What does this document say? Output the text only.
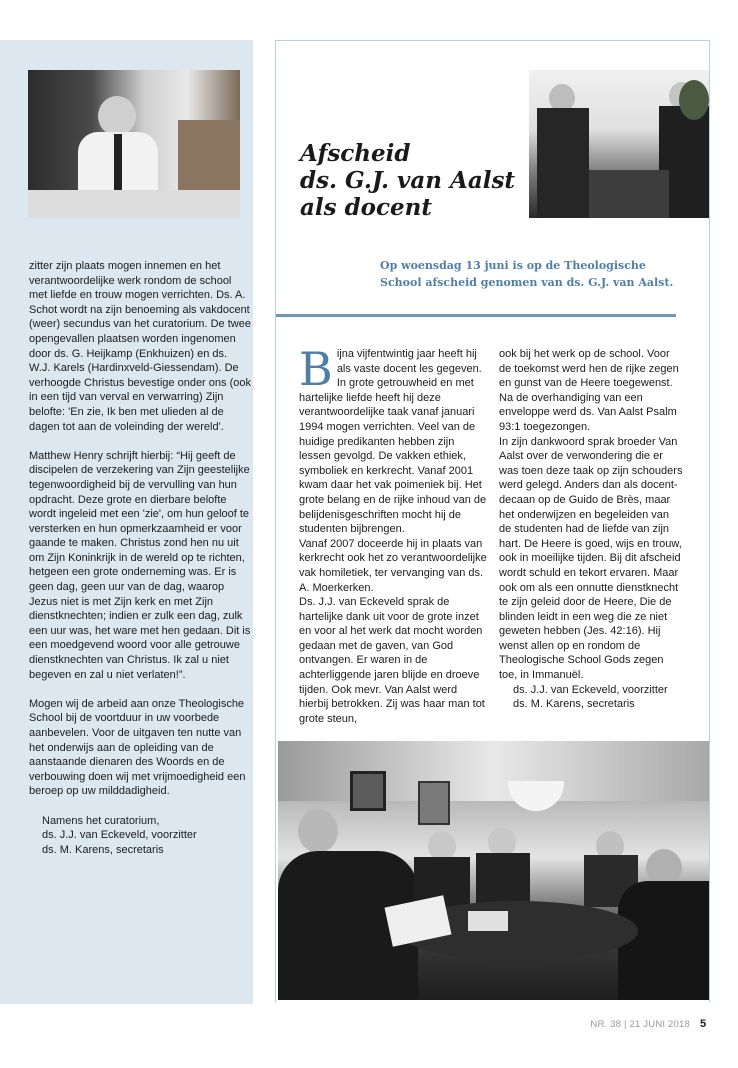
zitter zijn plaats mogen innemen en het verantwoordelijke werk rondom de school met liefde en trouw mogen verrichten. Ds. A. Schot wordt na zijn benoeming als vakdocent (weer) secundus van het curatorium. De twee opengevallen plaatsen worden ingenomen door ds. G. Heijkamp (Enkhuizen) en ds. W.J. Karels (Hardinxveld-Giessendam). De verhoogde Christus bevestige onder ons (ook in een tijd van verval en verwarring) Zijn belofte: 'En zie, Ik ben met ulieden al de dagen tot aan de voleinding der wereld'.

Matthew Henry schrijft hierbij: “Hij geeft de discipelen de verzekering van Zijn geestelijke tegenwoordigheid bij de vervulling van hun opdracht. Deze grote en dierbare belofte wordt ingeleid met een 'zie', om hun geloof te versterken en hun opmerkzaamheid er voor gaande te maken. Christus zond hen nu uit om Zijn Koninkrijk in de wereld op te richten, hetgeen een grote onderneming was. Er is geen dag, geen uur van de dag, waarop Jezus niet is met Zijn kerk en met Zijn dienstknechten; indien er zulk een dag, zulk een uur was, het ware met hen gedaan. Dit is een moedgevend woord voor alle getrouwe dienstknechten van Christus. Ik zal u niet begeven en zal u niet verlaten!”.

Mogen wij de arbeid aan onze Theologische School bij de voortduur in uw voorbede aanbevelen. Voor de uitgaven ten nutte van het onderwijs aan de opleiding van de aanstaande dienaren des Woords en de verbouwing doen wij met vrijmoedigheid een beroep op uw milddadigheid.

Namens het curatorium,
ds. J.J. van Eckeveld, voorzitter
ds. M. Karens, secretaris

Afscheid
ds. G.J. van Aalst
als docent

Op woensdag 13 juni is op de Theologische School afscheid genomen van ds. G.J. van Aalst.

Bijna vijfentwintig jaar heeft hij als vaste docent les gegeven. In grote getrouwheid en met hartelijke liefde heeft hij deze verantwoordelijke taak vanaf januari 1994 mogen verrichten. Veel van de huidige predikanten hebben zijn lessen gevolgd. De vakken ethiek, symboliek en kerkrecht. Vanaf 2001 kwam daar het vak poimeniek bij. Het grote belang en de rijke inhoud van de belijdenisgeschriften mocht hij de studenten bijbrengen.

Vanaf 2007 doceerde hij in plaats van kerkrecht ook het zo verantwoordelijke vak homiletiek, ter vervanging van ds. A. Moerkerken.

Ds. J.J. van Eckeveld sprak de hartelijke dank uit voor de grote inzet en voor al het werk dat mocht worden gedaan met de gaven, van God ontvangen. Er waren in de achterliggende jaren blijde en droeve tijden. Ook mevr. Van Aalst werd hierbij betrokken. Zij was haar man tot grote steun,

ook bij het werk op de school. Voor de toekomst werd hen de rijke zegen en gunst van de Heere toegewenst. Na de overhandiging van een enveloppe werd ds. Van Aalst Psalm 93:1 toegezongen.

In zijn dankwoord sprak broeder Van Aalst over de verwondering die er was toen deze taak op zijn schouders werd gelegd. Anders dan als docent-decaan op de Guido de Brès, maar het onderwijzen en begeleiden van de studenten had de liefde van zijn hart. De Heere is goed, wijs en trouw, ook in moeilijke tijden. Bij dit afscheid wordt schuld en tekort ervaren. Maar ook om als een onnutte dienstknecht te zijn geleid door de Heere, Die de blinden leidt in een weg die ze niet geweten hebben (Jes. 42:16). Hij wenst allen op en rondom de Theologische School Gods zegen toe, in Immanuël.

ds. J.J. van Eckeveld, voorzitter
ds. M. Karens, secretaris

NR. 38 | 21 JUNI 2018 5
